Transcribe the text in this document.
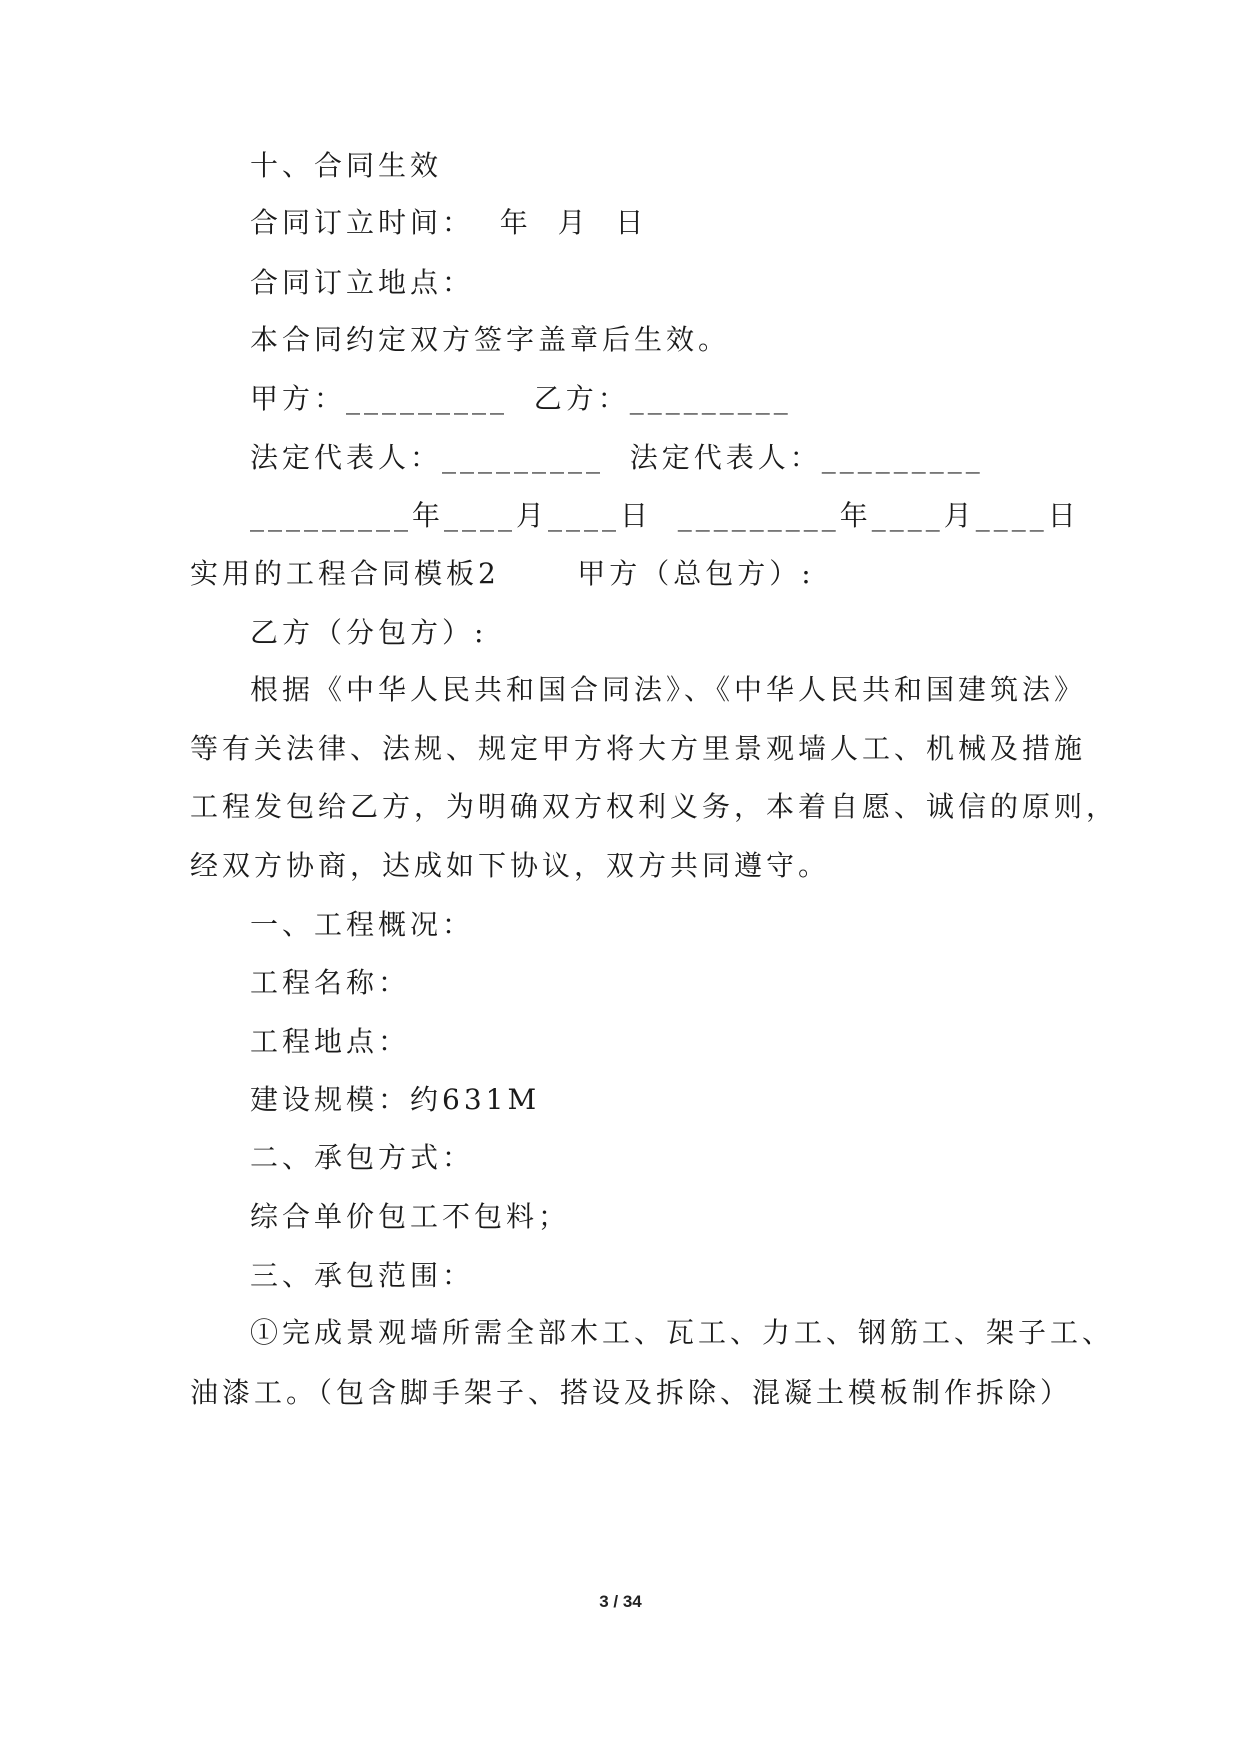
十、合同生效
合同订立时间：  年  月  日
合同订立地点：
本合同约定双方签字盖章后生效。
甲方：_________  乙方：_________
法定代表人：_________  法定代表人：_________
_________年____月____日  _________年____月____日
实用的工程合同模板2      甲方（总包方）:
乙方（分包方）:
根据《中华人民共和国合同法》、《中华人民共和国建筑法》
等有关法律、法规、规定甲方将大方里景观墙人工、机械及措施
工程发包给乙方，为明确双方权利义务，本着自愿、诚信的原则，
经双方协商，达成如下协议，双方共同遵守。
一、工程概况：
工程名称：
工程地点：
建设规模：约631M
二、承包方式：
综合单价包工不包料；
三、承包范围：
①完成景观墙所需全部木工、瓦工、力工、钢筋工、架子工、
油漆工。（包含脚手架子、搭设及拆除、混凝土模板制作拆除）
3 / 34
